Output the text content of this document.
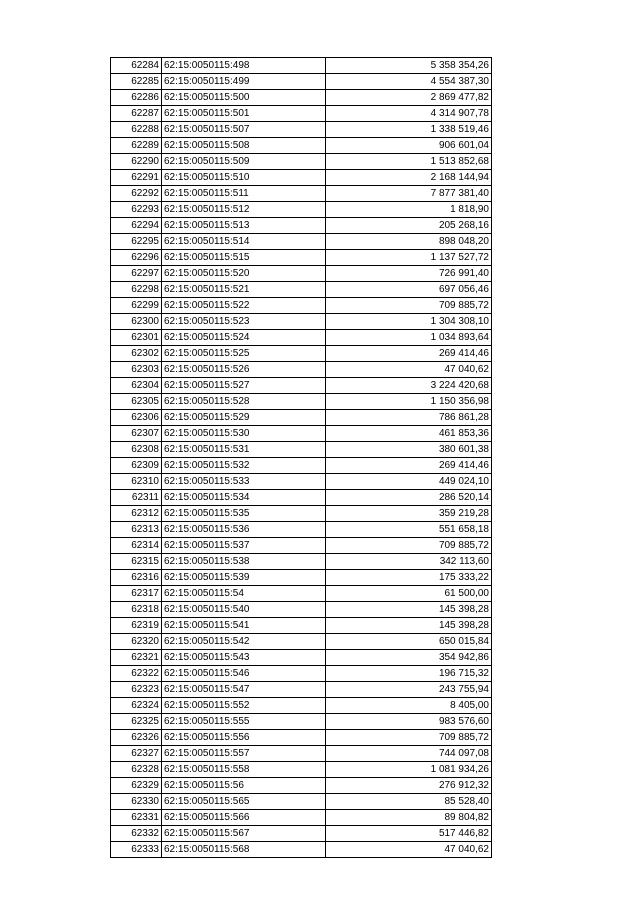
62284	62:15:0050115:498	5 358 354,26
62285	62:15:0050115:499	4 554 387,30
62286	62:15:0050115:500	2 869 477,82
62287	62:15:0050115:501	4 314 907,78
62288	62:15:0050115:507	1 338 519,46
62289	62:15:0050115:508	906 601,04
62290	62:15:0050115:509	1 513 852,68
62291	62:15:0050115:510	2 168 144,94
62292	62:15:0050115:511	7 877 381,40
62293	62:15:0050115:512	1 818,90
62294	62:15:0050115:513	205 268,16
62295	62:15:0050115:514	898 048,20
62296	62:15:0050115:515	1 137 527,72
62297	62:15:0050115:520	726 991,40
62298	62:15:0050115:521	697 056,46
62299	62:15:0050115:522	709 885,72
62300	62:15:0050115:523	1 304 308,10
62301	62:15:0050115:524	1 034 893,64
62302	62:15:0050115:525	269 414,46
62303	62:15:0050115:526	47 040,62
62304	62:15:0050115:527	3 224 420,68
62305	62:15:0050115:528	1 150 356,98
62306	62:15:0050115:529	786 861,28
62307	62:15:0050115:530	461 853,36
62308	62:15:0050115:531	380 601,38
62309	62:15:0050115:532	269 414,46
62310	62:15:0050115:533	449 024,10
62311	62:15:0050115:534	286 520,14
62312	62:15:0050115:535	359 219,28
62313	62:15:0050115:536	551 658,18
62314	62:15:0050115:537	709 885,72
62315	62:15:0050115:538	342 113,60
62316	62:15:0050115:539	175 333,22
62317	62:15:0050115:54	61 500,00
62318	62:15:0050115:540	145 398,28
62319	62:15:0050115:541	145 398,28
62320	62:15:0050115:542	650 015,84
62321	62:15:0050115:543	354 942,86
62322	62:15:0050115:546	196 715,32
62323	62:15:0050115:547	243 755,94
62324	62:15:0050115:552	8 405,00
62325	62:15:0050115:555	983 576,60
62326	62:15:0050115:556	709 885,72
62327	62:15:0050115:557	744 097,08
62328	62:15:0050115:558	1 081 934,26
62329	62:15:0050115:56	276 912,32
62330	62:15:0050115:565	85 528,40
62331	62:15:0050115:566	89 804,82
62332	62:15:0050115:567	517 446,82
62333	62:15:0050115:568	47 040,62
